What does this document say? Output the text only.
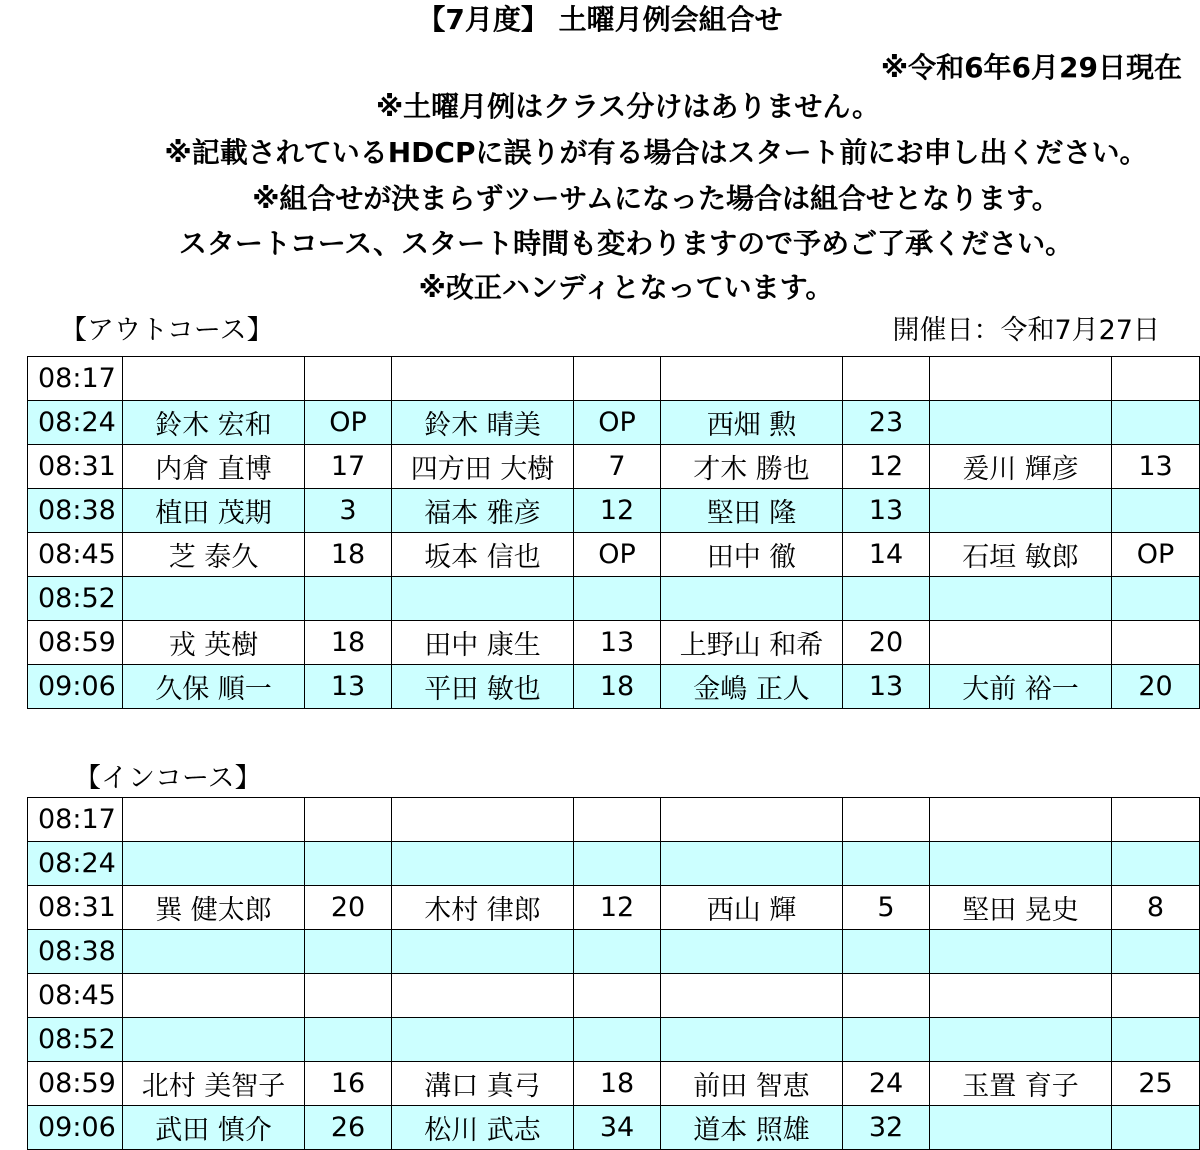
【7月度】 土曜月例会組合せ
※令和6年6月29日現在
※土曜月例はクラス分けはありません。
※記載されているHDCPに誤りが有る場合はスタート前にお申し出ください。
※組合せが決まらずツーサムになった場合は組合せとなります。
スタートコース、スタート時間も変わりますので予めご了承ください。
※改正ハンディとなっています。
【アウトコース】	開催日：令和7月27日
08:17								
08:24	鈴木 宏和	OP	鈴木 晴美	OP	西畑 勲	23		
08:31	内倉 直博	17	四方田 大樹	7	才木 勝也	12	爰川 輝彦	13
08:38	植田 茂期	3	福本 雅彦	12	堅田 隆	13		
08:45	芝 泰久	18	坂本 信也	OP	田中 徹	14	石垣 敏郎	OP
08:52								
08:59	戎 英樹	18	田中 康生	13	上野山 和希	20		
09:06	久保 順一	13	平田 敏也	18	金嶋 正人	13	大前 裕一	20
【インコース】
08:17								
08:24								
08:31	巽 健太郎	20	木村 律郎	12	西山 輝	5	堅田 晃史	8
08:38								
08:45								
08:52								
08:59	北村 美智子	16	溝口 真弓	18	前田 智恵	24	玉置 育子	25
09:06	武田 慎介	26	松川 武志	34	道本 照雄	32		
